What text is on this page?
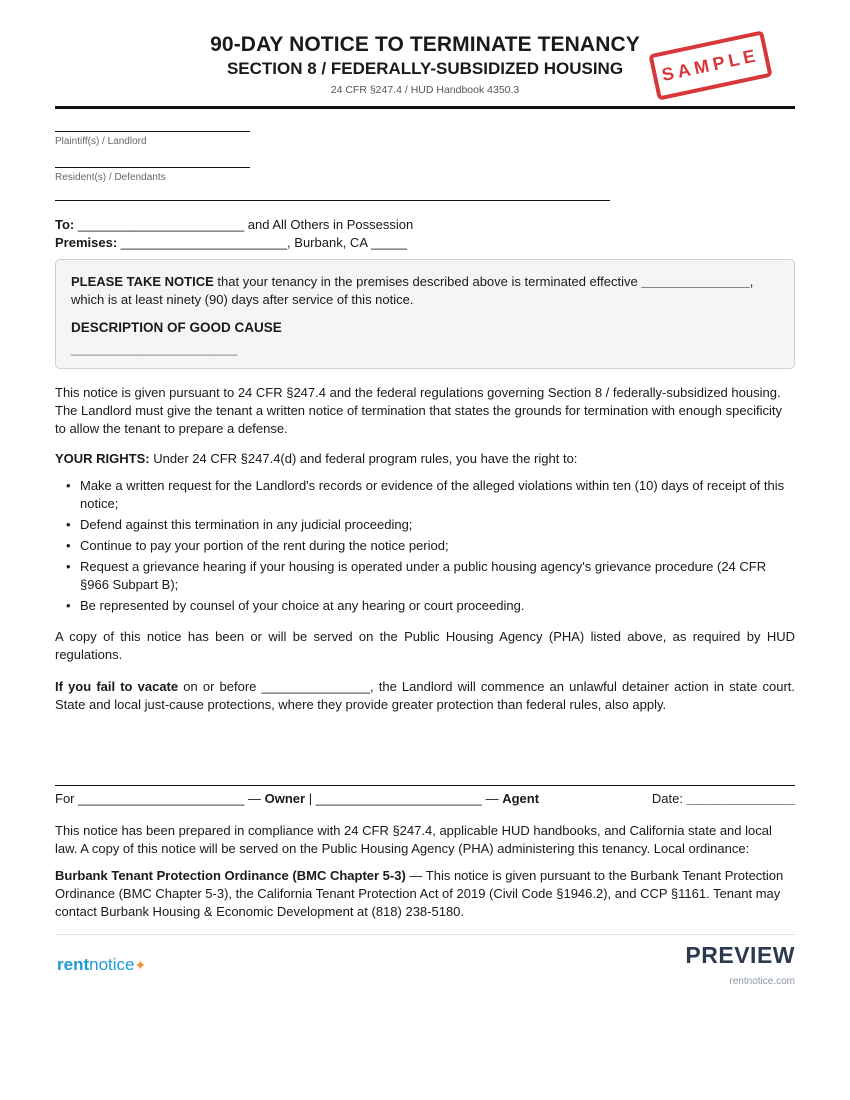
90-DAY NOTICE TO TERMINATE TENANCY
SECTION 8 / FEDERALLY-SUBSIDIZED HOUSING
24 CFR §247.4 / HUD Handbook 4350.3
SAMPLE
Plaintiff(s) / Landlord
Resident(s) / Defendants
To: _______________________ and All Others in Possession
Premises: _______________________, Burbank, CA _____
PLEASE TAKE NOTICE that your tenancy in the premises described above is terminated effective _______________, which is at least ninety (90) days after service of this notice.
DESCRIPTION OF GOOD CAUSE
_______________________
This notice is given pursuant to 24 CFR §247.4 and the federal regulations governing Section 8 / federally-subsidized housing. The Landlord must give the tenant a written notice of termination that states the grounds for termination with enough specificity to allow the tenant to prepare a defense.
YOUR RIGHTS: Under 24 CFR §247.4(d) and federal program rules, you have the right to:
• Make a written request for the Landlord's records or evidence of the alleged violations within ten (10) days of receipt of this notice;
• Defend against this termination in any judicial proceeding;
• Continue to pay your portion of the rent during the notice period;
• Request a grievance hearing if your housing is operated under a public housing agency's grievance procedure (24 CFR §966 Subpart B);
• Be represented by counsel of your choice at any hearing or court proceeding.
A copy of this notice has been or will be served on the Public Housing Agency (PHA) listed above, as required by HUD regulations.
If you fail to vacate on or before _______________, the Landlord will commence an unlawful detainer action in state court. State and local just-cause protections, where they provide greater protection than federal rules, also apply.
For _______________________ — Owner | _______________________ — Agent	Date: _______________
This notice has been prepared in compliance with 24 CFR §247.4, applicable HUD handbooks, and California state and local law. A copy of this notice will be served on the Public Housing Agency (PHA) administering this tenancy. Local ordinance:
Burbank Tenant Protection Ordinance (BMC Chapter 5-3) — This notice is given pursuant to the Burbank Tenant Protection Ordinance (BMC Chapter 5-3), the California Tenant Protection Act of 2019 (Civil Code §1946.2), and CCP §1161. Tenant may contact Burbank Housing & Economic Development at (818) 238-5180.
rentnotice✦	PREVIEW
rentnotice.com
